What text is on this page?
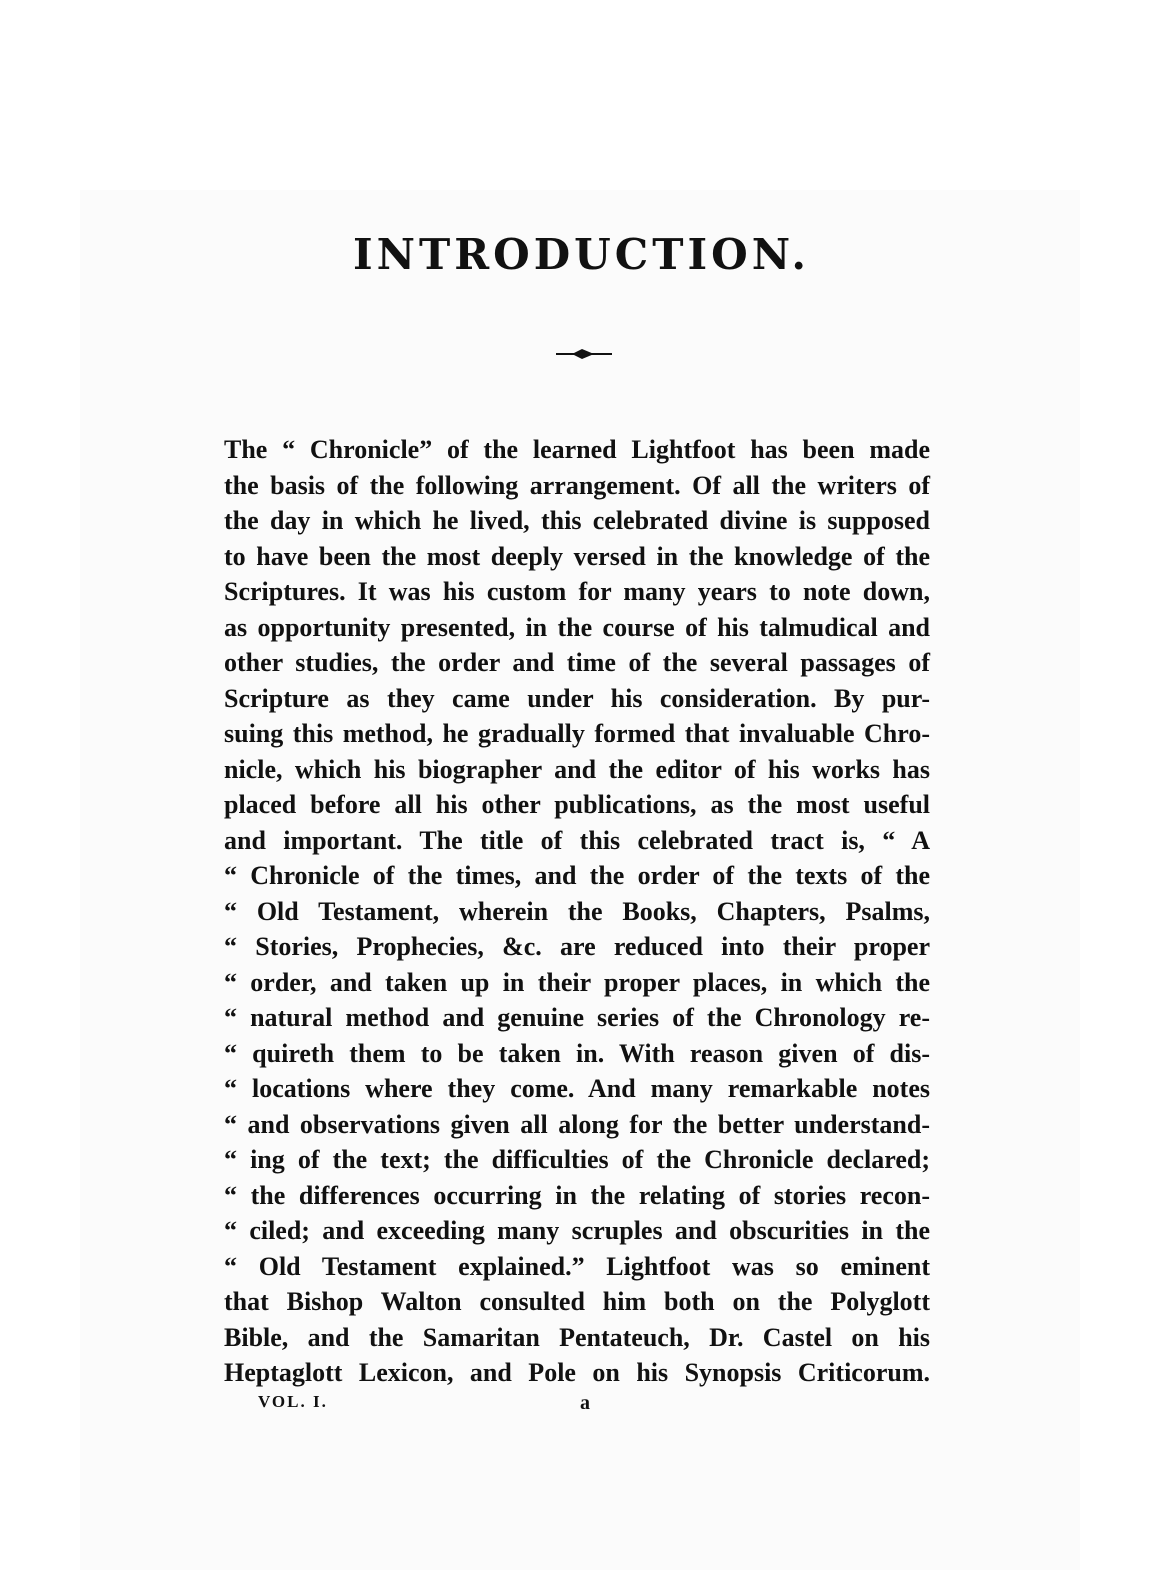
INTRODUCTION.
The “ Chronicle” of the learned Lightfoot has been made
the basis of the following arrangement. Of all the writers of
the day in which he lived, this celebrated divine is supposed
to have been the most deeply versed in the knowledge of the
Scriptures. It was his custom for many years to note down,
as opportunity presented, in the course of his talmudical and
other studies, the order and time of the several passages of
Scripture as they came under his consideration. By pur-
suing this method, he gradually formed that invaluable Chro-
nicle, which his biographer and the editor of his works has
placed before all his other publications, as the most useful
and important. The title of this celebrated tract is, “ A
“ Chronicle of the times, and the order of the texts of the
“ Old Testament, wherein the Books, Chapters, Psalms,
“ Stories, Prophecies, &c. are reduced into their proper
“ order, and taken up in their proper places, in which the
“ natural method and genuine series of the Chronology re-
“ quireth them to be taken in. With reason given of dis-
“ locations where they come. And many remarkable notes
“ and observations given all along for the better understand-
“ ing of the text; the difficulties of the Chronicle declared;
“ the differences occurring in the relating of stories recon-
“ ciled; and exceeding many scruples and obscurities in the
“ Old Testament explained.” Lightfoot was so eminent
that Bishop Walton consulted him both on the Polyglott
Bible, and the Samaritan Pentateuch, Dr. Castel on his
Heptaglott Lexicon, and Pole on his Synopsis Criticorum.
VOL. I.	a
